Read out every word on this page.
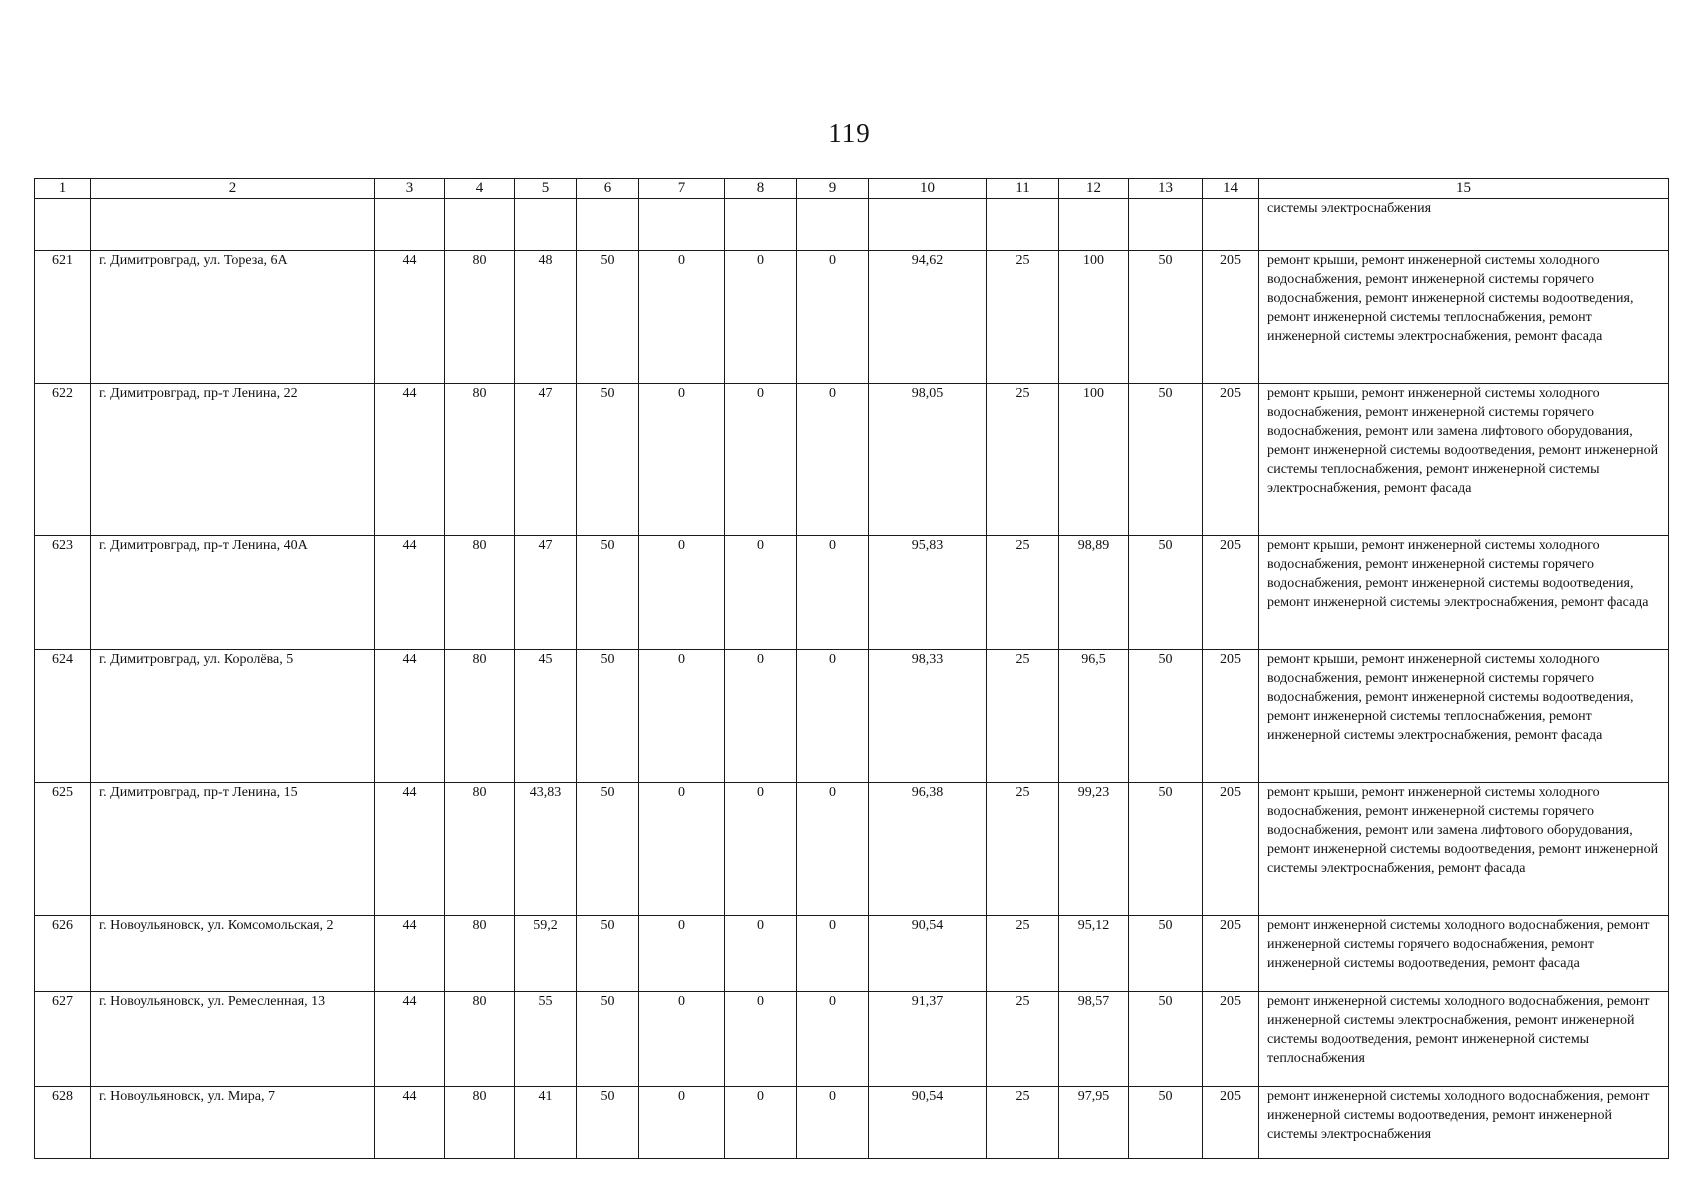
119
1	2	3	4	5	6	7	8	9	10	11	12	13	14	15
														системы электроснабжения
621	г. Димитровград, ул. Тореза, 6А	44	80	48	50	0	0	0	94,62	25	100	50	205	ремонт крыши, ремонт инженерной системы холодного водоснабжения, ремонт инженерной системы горячего водоснабжения, ремонт инженерной системы водоотведения, ремонт инженерной системы теплоснабжения, ремонт инженерной системы электроснабжения, ремонт фасада
622	г. Димитровград, пр-т Ленина, 22	44	80	47	50	0	0	0	98,05	25	100	50	205	ремонт крыши, ремонт инженерной системы холодного водоснабжения, ремонт инженерной системы горячего водоснабжения, ремонт или замена лифтового оборудования, ремонт инженерной системы водоотведения, ремонт инженерной системы теплоснабжения, ремонт инженерной системы электроснабжения, ремонт фасада
623	г. Димитровград, пр-т Ленина, 40А	44	80	47	50	0	0	0	95,83	25	98,89	50	205	ремонт крыши, ремонт инженерной системы холодного водоснабжения, ремонт инженерной системы горячего водоснабжения, ремонт инженерной системы водоотведения, ремонт инженерной системы электроснабжения, ремонт фасада
624	г. Димитровград, ул. Королёва, 5	44	80	45	50	0	0	0	98,33	25	96,5	50	205	ремонт крыши, ремонт инженерной системы холодного водоснабжения, ремонт инженерной системы горячего водоснабжения, ремонт инженерной системы водоотведения, ремонт инженерной системы теплоснабжения, ремонт инженерной системы электроснабжения, ремонт фасада
625	г. Димитровград, пр-т Ленина, 15	44	80	43,83	50	0	0	0	96,38	25	99,23	50	205	ремонт крыши, ремонт инженерной системы холодного водоснабжения, ремонт инженерной системы горячего водоснабжения, ремонт или замена лифтового оборудования, ремонт инженерной системы водоотведения, ремонт инженерной системы электроснабжения, ремонт фасада
626	г. Новоульяновск, ул. Комсомольская, 2	44	80	59,2	50	0	0	0	90,54	25	95,12	50	205	ремонт инженерной системы холодного водоснабжения, ремонт инженерной системы горячего водоснабжения, ремонт инженерной системы водоотведения, ремонт фасада
627	г. Новоульяновск, ул. Ремесленная, 13	44	80	55	50	0	0	0	91,37	25	98,57	50	205	ремонт инженерной системы холодного водоснабжения, ремонт инженерной системы электроснабжения, ремонт инженерной системы водоотведения, ремонт инженерной системы теплоснабжения
628	г. Новоульяновск, ул. Мира, 7	44	80	41	50	0	0	0	90,54	25	97,95	50	205	ремонт инженерной системы холодного водоснабжения, ремонт инженерной системы водоотведения, ремонт инженерной системы электроснабжения
